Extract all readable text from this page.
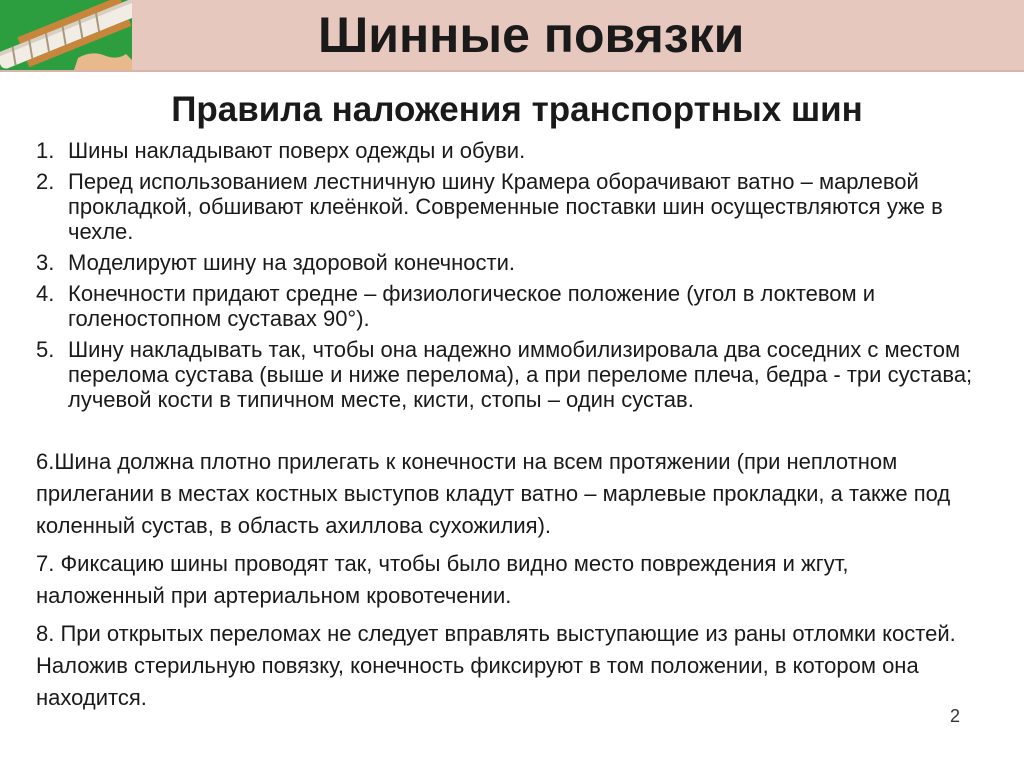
Шинные повязки
Правила наложения транспортных шин
1. Шины накладывают поверх одежды и обуви.
2. Перед использованием лестничную шину Крамера оборачивают ватно – марлевой прокладкой, обшивают клеёнкой. Современные поставки шин осуществляются уже в чехле.
3. Моделируют шину на здоровой конечности.
4. Конечности придают средне – физиологическое положение (угол в локтевом и голеностопном суставах 90°).
5. Шину накладывать так, чтобы она надежно иммобилизировала два соседних с местом перелома сустава (выше и ниже перелома), а при переломе плеча, бедра - три сустава; лучевой кости в типичном месте, кисти, стопы – один сустав.

6.Шина должна плотно прилегать к конечности на всем протяжении (при неплотном прилегании в местах костных выступов кладут ватно – марлевые прокладки, а также под коленный сустав, в область ахиллова сухожилия).

7. Фиксацию шины проводят так, чтобы было видно место повреждения и жгут, наложенный при артериальном кровотечении.

8. При открытых переломах не следует вправлять выступающие из раны отломки костей. Наложив стерильную повязку, конечность фиксируют в том положении, в котором она находится.

2
